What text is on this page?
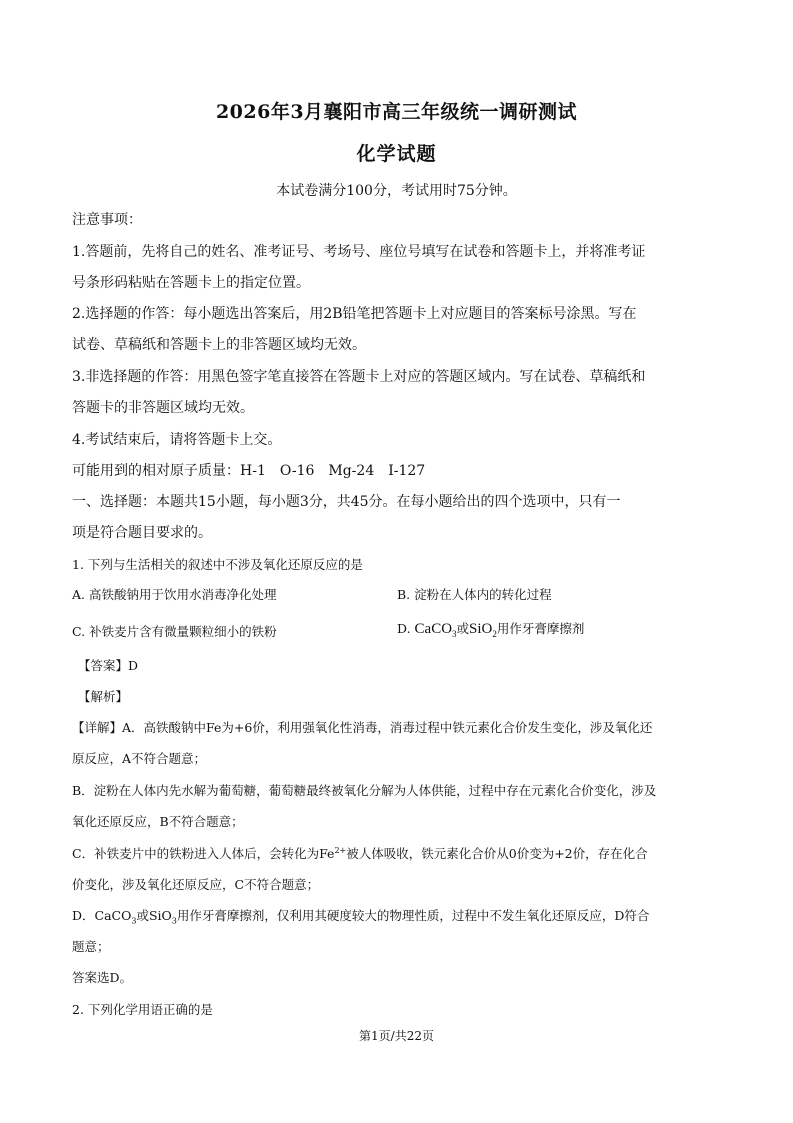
2026年3月襄阳市高三年级统一调研测试
化学试题
本试卷满分100分，考试用时75分钟。
注意事项：
1.答题前，先将自己的姓名、准考证号、考场号、座位号填写在试卷和答题卡上，并将准考证
号条形码粘贴在答题卡上的指定位置。
2.选择题的作答：每小题选出答案后，用2B铅笔把答题卡上对应题目的答案标号涂黑。写在
试卷、草稿纸和答题卡上的非答题区域均无效。
3.非选择题的作答：用黑色签字笔直接答在答题卡上对应的答题区域内。写在试卷、草稿纸和
答题卡的非答题区域均无效。
4.考试结束后，请将答题卡上交。
可能用到的相对原子质量：H-1　O-16　Mg-24　I-127
一、选择题：本题共15小题，每小题3分，共45分。在每小题给出的四个选项中，只有一
项是符合题目要求的。
1. 下列与生活相关的叙述中不涉及氧化还原反应的是
A. 高铁酸钠用于饮用水消毒净化处理	B. 淀粉在人体内的转化过程
C. 补铁麦片含有微量颗粒细小的铁粉	D. CaCO$_3$或SiO$_2$用作牙膏摩擦剂
【答案】D
【解析】
【详解】A．高铁酸钠中Fe为+6价，利用强氧化性消毒，消毒过程中铁元素化合价发生变化，涉及氧化还
原反应，A不符合题意；
B．淀粉在人体内先水解为葡萄糖，葡萄糖最终被氧化分解为人体供能，过程中存在元素化合价变化，涉及
氧化还原反应，B不符合题意；
C．补铁麦片中的铁粉进入人体后，会转化为$Fe^{2+}$被人体吸收，铁元素化合价从0价变为+2价，存在化合
价变化，涉及氧化还原反应，C不符合题意；
D．CaCO$_3$或SiO$_3$用作牙膏摩擦剂，仅利用其硬度较大的物理性质，过程中不发生氧化还原反应，D符合
题意；
答案选D。
2. 下列化学用语正确的是
第1页/共22页
